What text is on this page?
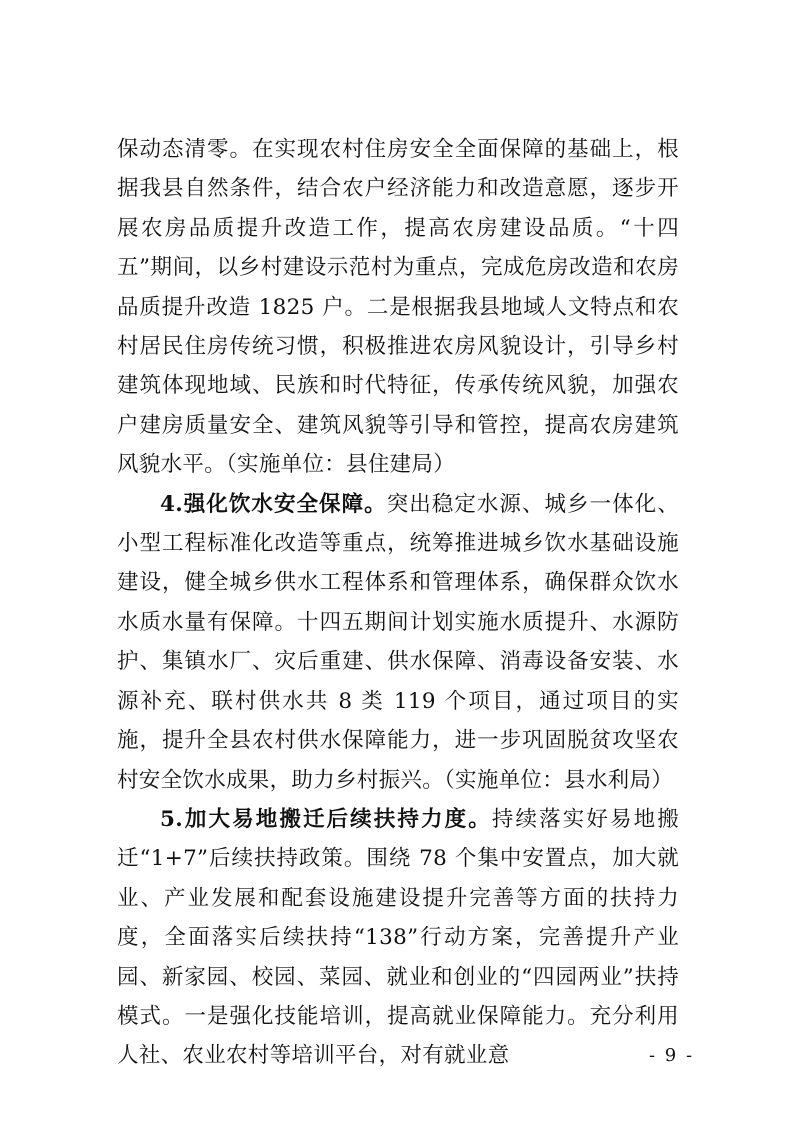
保动态清零。在实现农村住房安全全面保障的基础上，根据我县自然条件，结合农户经济能力和改造意愿，逐步开展农房品质提升改造工作，提高农房建设品质。“十四五”期间，以乡村建设示范村为重点，完成危房改造和农房品质提升改造 1825 户。二是根据我县地域人文特点和农村居民住房传统习惯，积极推进农房风貌设计，引导乡村建筑体现地域、民族和时代特征，传承传统风貌，加强农户建房质量安全、建筑风貌等引导和管控，提高农房建筑风貌水平。（实施单位：县住建局）

4.强化饮水安全保障。突出稳定水源、城乡一体化、小型工程标准化改造等重点，统筹推进城乡饮水基础设施建设，健全城乡供水工程体系和管理体系，确保群众饮水水质水量有保障。十四五期间计划实施水质提升、水源防护、集镇水厂、灾后重建、供水保障、消毒设备安装、水源补充、联村供水共 8 类 119 个项目，通过项目的实施，提升全县农村供水保障能力，进一步巩固脱贫攻坚农村安全饮水成果，助力乡村振兴。（实施单位：县水利局）

5.加大易地搬迁后续扶持力度。持续落实好易地搬迁“1+7”后续扶持政策。围绕 78 个集中安置点，加大就业、产业发展和配套设施建设提升完善等方面的扶持力度，全面落实后续扶持“138”行动方案，完善提升产业园、新家园、校园、菜园、就业和创业的“四园两业”扶持模式。一是强化技能培训，提高就业保障能力。充分利用人社、农业农村等培训平台，对有就业意	- 9 -
